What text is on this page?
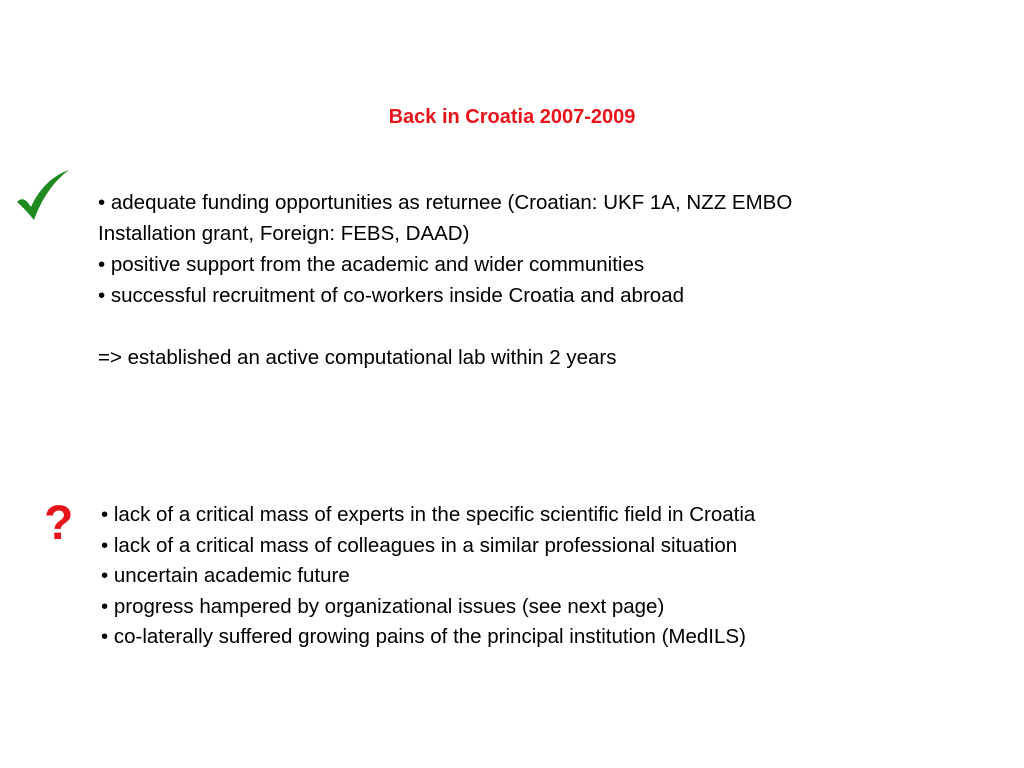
Back in Croatia 2007-2009
• adequate funding opportunities as returnee (Croatian: UKF 1A, NZZ EMBO
Installation grant, Foreign: FEBS, DAAD)
• positive support from the academic and wider communities
• successful recruitment of co-workers inside Croatia and abroad
=> established an active computational lab within 2 years
? • lack of a critical mass of experts in the specific scientific field in Croatia
• lack of a critical mass of colleagues in a similar professional situation
• uncertain academic future
• progress hampered by organizational issues (see next page)
• co-laterally suffered growing pains of the principal institution (MedILS)
